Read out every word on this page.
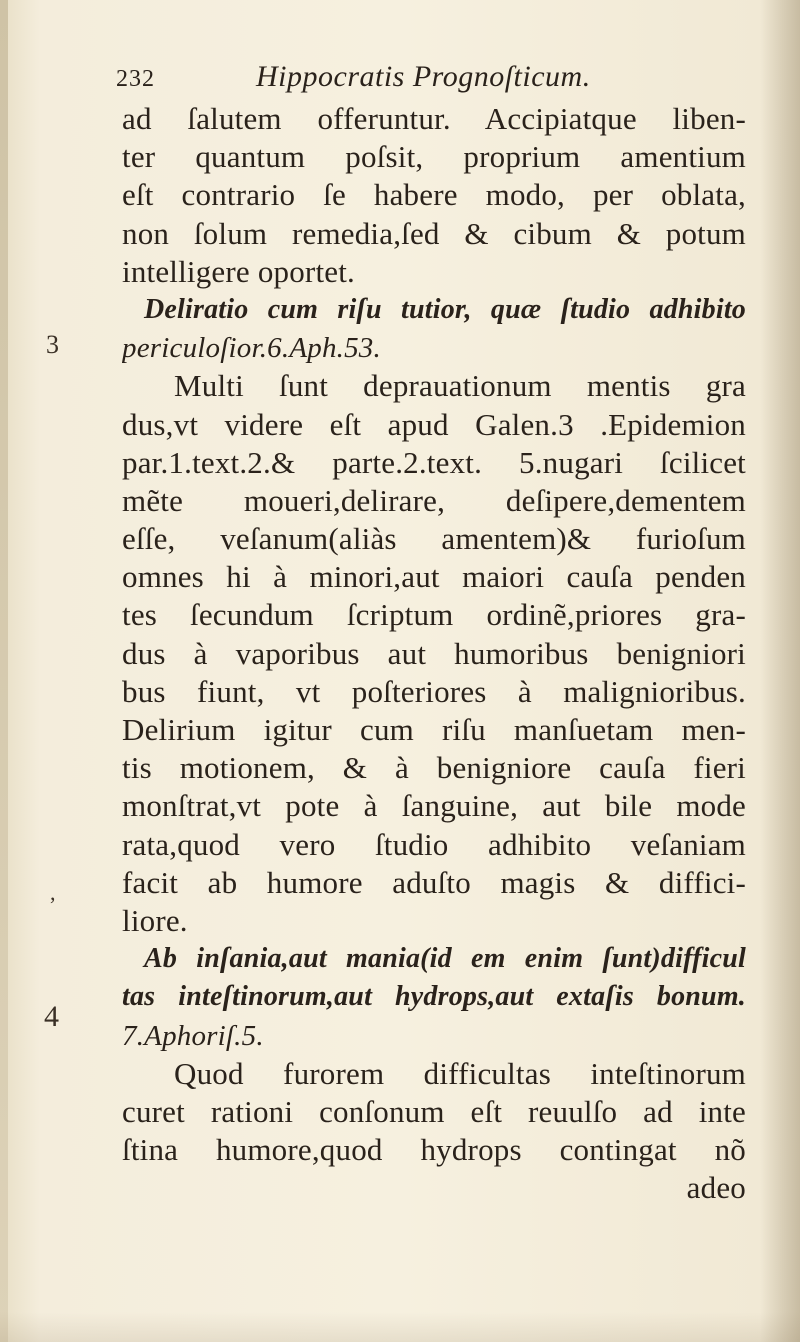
232	Hippocratis Prognoſticum.
3
,
4
ad ſalutem offeruntur. Accipiatque liben-
ter quantum poſsit, proprium amentium
eſt contrario ſe habere modo, per oblata,
non ſolum remedia,ſed & cibum & potum
intelligere oportet.
Deliratio cum riſu tutior, quæ ſtudio adhibito
periculoſior.6.Aph.53.
Multi ſunt deprauationum mentis gra
dus,vt videre eſt apud Galen.3 .Epidemion
par.1.text.2.& parte.2.text. 5.nugari ſcilicet
mẽte moueri,delirare, deſipere,dementem
eſſe, veſanum(aliàs amentem)& furioſum
omnes hi à minori,aut maiori cauſa penden
tes ſecundum ſcriptum ordinẽ,priores gra-
dus à vaporibus aut humoribus benigniori
bus fiunt, vt poſteriores à malignioribus.
Delirium igitur cum riſu manſuetam men-
tis motionem, & à benigniore cauſa fieri
monſtrat,vt pote à ſanguine, aut bile mode
rata,quod vero ſtudio adhibito veſaniam
facit ab humore aduſto magis & diffici-
liore.
Ab inſania,aut mania(id em enim ſunt)difficul
tas inteſtinorum,aut hydrops,aut extaſis bonum.
7.Aphoriſ.5.
Quod furorem difficultas inteſtinorum
curet rationi conſonum eſt reuulſo ad inte
ſtina humore,quod hydrops contingat nõ
adeo
